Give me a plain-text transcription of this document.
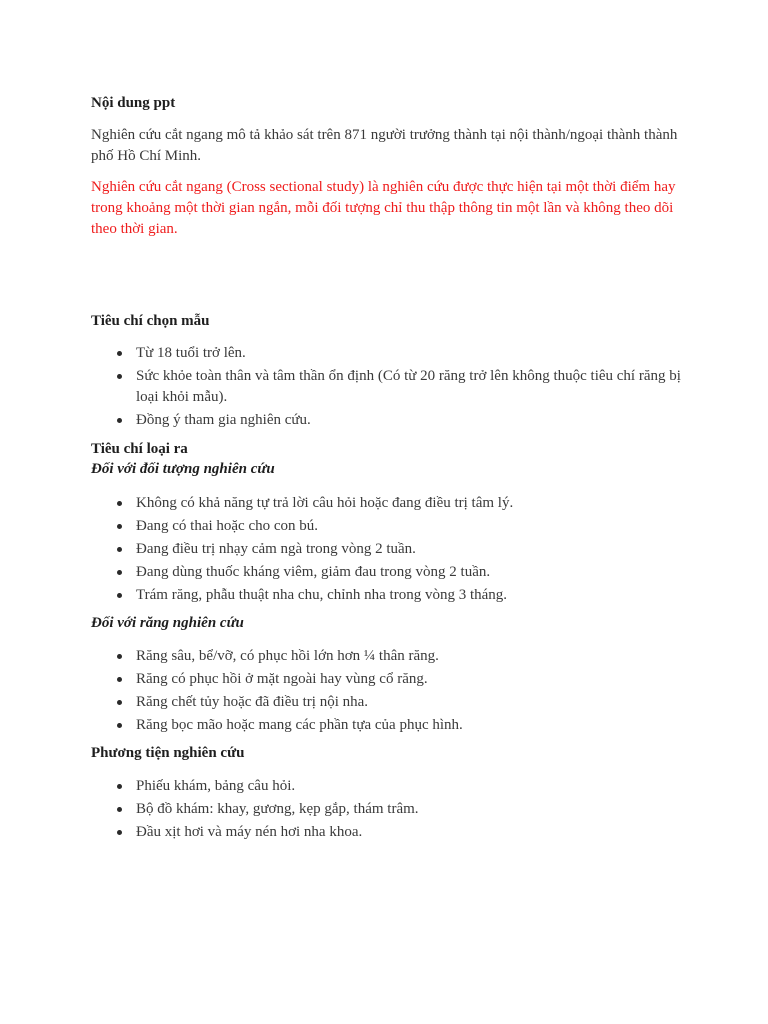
Nội dung ppt

Nghiên cứu cắt ngang mô tả khảo sát trên 871 người trưởng thành tại nội thành/ngoại thành thành phố Hồ Chí Minh.

Nghiên cứu cắt ngang (Cross sectional study) là nghiên cứu được thực hiện tại một thời điểm hay trong khoảng một thời gian ngắn, mỗi đối tượng chỉ thu thập thông tin một lần và không theo dõi theo thời gian.

Tiêu chí chọn mẫu

Từ 18 tuổi trở lên.
Sức khỏe toàn thân và tâm thần ổn định (Có từ 20 răng trở lên không thuộc tiêu chí răng bị loại khỏi mẫu).
Đồng ý tham gia nghiên cứu.

Tiêu chí loại ra

Đối với đối tượng nghiên cứu

Không có khả năng tự trả lời câu hỏi hoặc đang điều trị tâm lý.
Đang có thai hoặc cho con bú.
Đang điều trị nhạy cảm ngà trong vòng 2 tuần.
Đang dùng thuốc kháng viêm, giảm đau trong vòng 2 tuần.
Trám răng, phẫu thuật nha chu, chỉnh nha trong vòng 3 tháng.

Đối với răng nghiên cứu

Răng sâu, bể/vỡ, có phục hồi lớn hơn ¼ thân răng.
Răng có phục hồi ở mặt ngoài hay vùng cổ răng.
Răng chết tủy hoặc đã điều trị nội nha.
Răng bọc mão hoặc mang các phần tựa của phục hình.

Phương tiện nghiên cứu

Phiếu khám, bảng câu hỏi.
Bộ đồ khám: khay, gương, kẹp gắp, thám trâm.
Đầu xịt hơi và máy nén hơi nha khoa.
